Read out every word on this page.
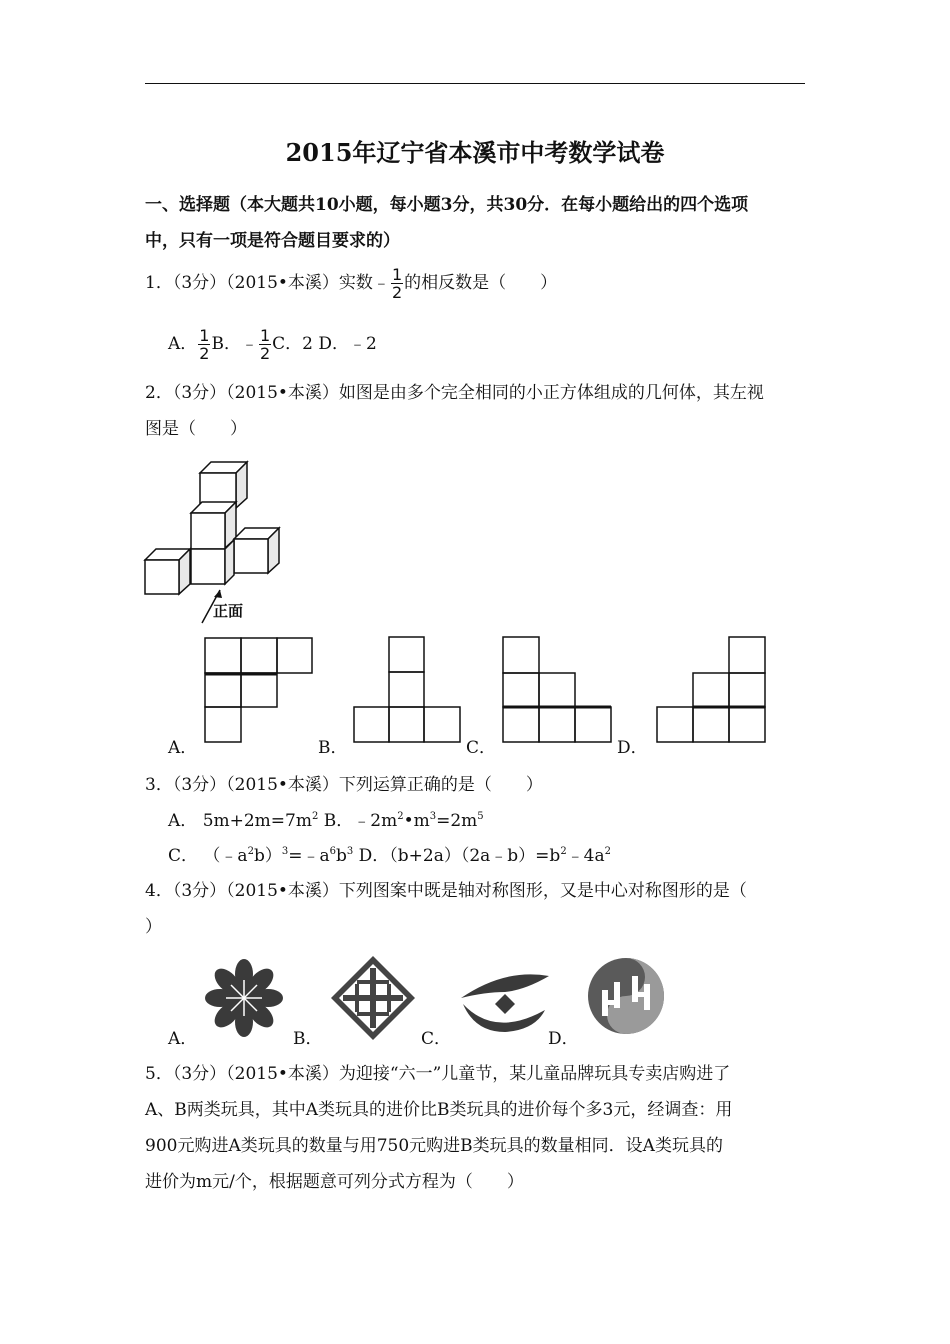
2015年辽宁省本溪市中考数学试卷
一、选择题（本大题共10小题，每小题3分，共30分．在每小题给出的四个选项
中，只有一项是符合题目要求的）
1．（3分）（2015•本溪）实数﹣ $\frac{1}{2}$ 的相反数是（　　）
A． $\frac{1}{2}$ B．﹣ $\frac{1}{2}$ C．2 D．﹣2
2．（3分）（2015•本溪）如图是由多个完全相同的小正方体组成的几何体，其左视
图是（　　）
正面
A．	B．	C．	D．
3．（3分）（2015•本溪）下列运算正确的是（　　）
A． $5m+2m=7m^2$ B．$﹣2m^2•m^3=2m^5$
C． $(﹣a^2b)^3=﹣a^6b^3$ D．$(b+2a)(2a﹣b)=b^2﹣4a^2$
4．（3分）（2015•本溪）下列图案中既是轴对称图形，又是中心对称图形的是（
）
A．	B．	C．	D．
5．（3分）（2015•本溪）为迎接“六一”儿童节，某儿童品牌玩具专卖店购进了
A、B两类玩具，其中A类玩具的进价比B类玩具的进价每个多3元，经调查：用
900元购进A类玩具的数量与用750元购进B类玩具的数量相同．设A类玩具的
进价为m元/个，根据题意可列分式方程为（　　）
